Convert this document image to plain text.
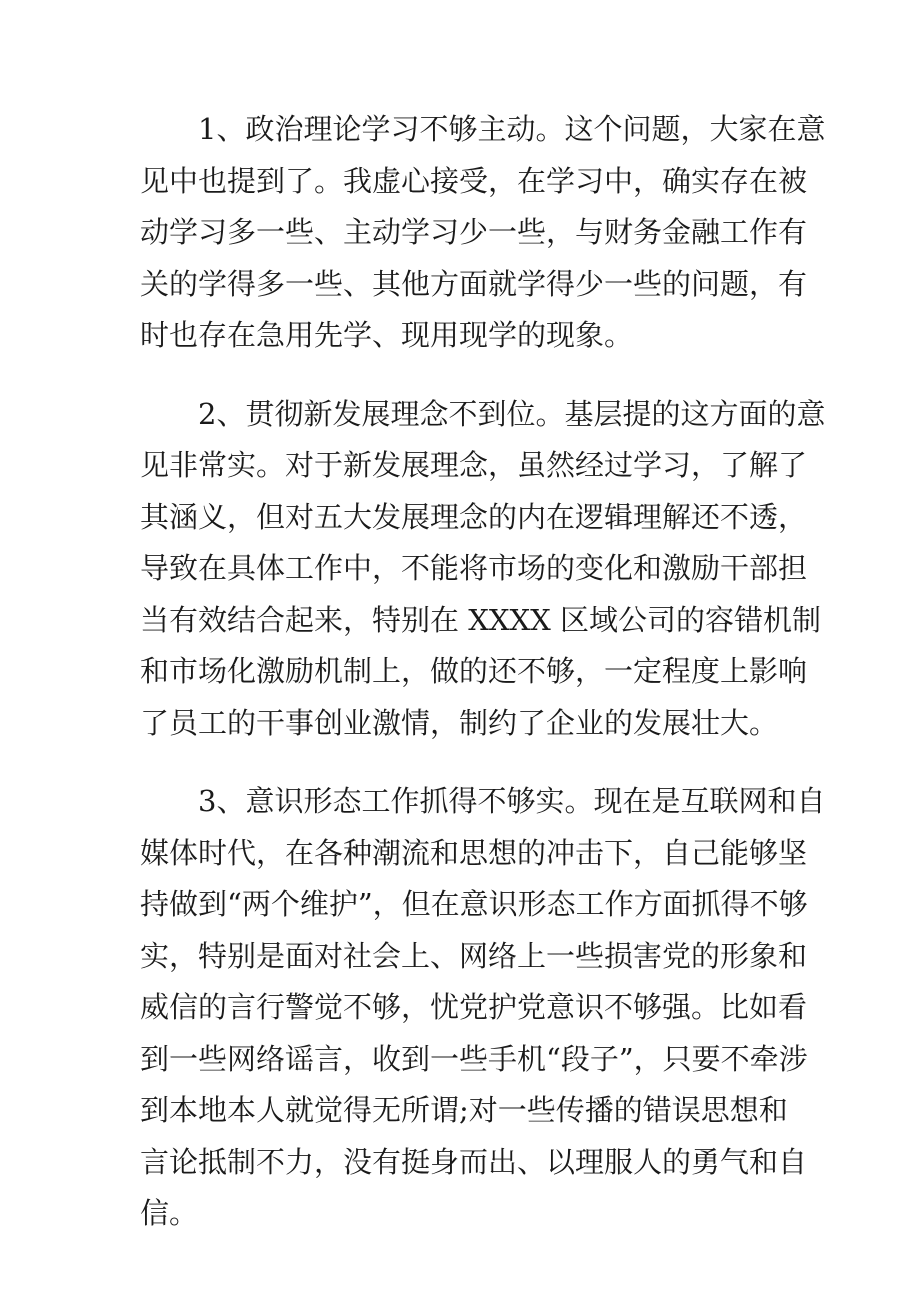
1、政治理论学习不够主动。这个问题，大家在意
见中也提到了。我虚心接受，在学习中，确实存在被
动学习多一些、主动学习少一些，与财务金融工作有
关的学得多一些、其他方面就学得少一些的问题，有
时也存在急用先学、现用现学的现象。

2、贯彻新发展理念不到位。基层提的这方面的意
见非常实。对于新发展理念，虽然经过学习，了解了
其涵义，但对五大发展理念的内在逻辑理解还不透，
导致在具体工作中，不能将市场的变化和激励干部担
当有效结合起来，特别在 XXXX 区域公司的容错机制
和市场化激励机制上，做的还不够，一定程度上影响
了员工的干事创业激情，制约了企业的发展壮大。

3、意识形态工作抓得不够实。现在是互联网和自
媒体时代，在各种潮流和思想的冲击下，自己能够坚
持做到“两个维护”，但在意识形态工作方面抓得不够
实，特别是面对社会上、网络上一些损害党的形象和
威信的言行警觉不够，忧党护党意识不够强。比如看
到一些网络谣言，收到一些手机“段子”，只要不牵涉
到本地本人就觉得无所谓;对一些传播的错误思想和
言论抵制不力，没有挺身而出、以理服人的勇气和自
信。
